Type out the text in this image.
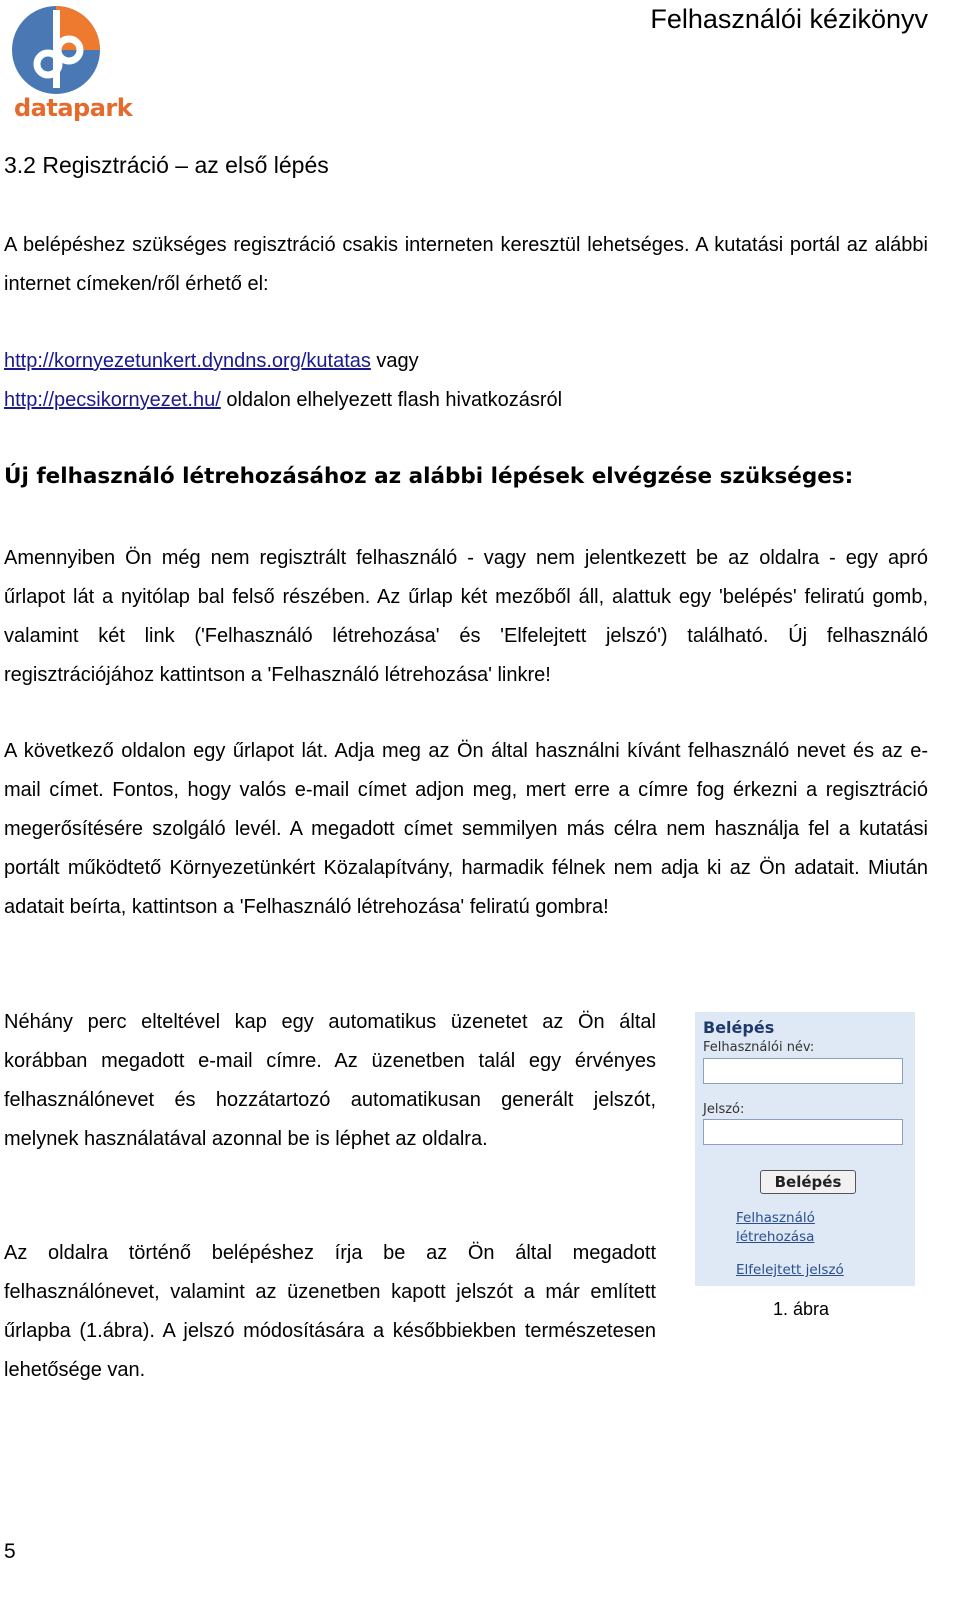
datapark
Felhasználói kézikönyv
3.2 Regisztráció – az első lépés

A belépéshez szükséges regisztráció csakis interneten keresztül lehetséges. A kutatási portál az alábbi internet címeken/ről érhető el:

http://kornyezetunkert.dyndns.org/kutatas vagy

http://pecsikornyezet.hu/ oldalon elhelyezett flash hivatkozásról

Új felhasználó létrehozásához az alábbi lépések elvégzése szükséges:

Amennyiben Ön még nem regisztrált felhasználó - vagy nem jelentkezett be az oldalra - egy apró űrlapot lát a nyitólap bal felső részében. Az űrlap két mezőből áll, alattuk egy 'belépés' feliratú gomb, valamint két link ('Felhasználó létrehozása' és 'Elfelejtett jelszó') található. Új felhasználó regisztrációjához kattintson a 'Felhasználó létrehozása' linkre!

A következő oldalon egy űrlapot lát. Adja meg az Ön által használni kívánt felhasználó nevet és az e-mail címet. Fontos, hogy valós e-mail címet adjon meg, mert erre a címre fog érkezni a regisztráció megerősítésére szolgáló levél. A megadott címet semmilyen más célra nem használja fel a kutatási portált működtető Környezetünkért Közalapítvány, harmadik félnek nem adja ki az Ön adatait. Miután adatait beírta, kattintson a 'Felhasználó létrehozása' feliratú gombra!

Néhány perc elteltével kap egy automatikus üzenetet az Ön által korábban megadott e-mail címre. Az üzenetben talál egy érvényes felhasználónevet és hozzátartozó automatikusan generált jelszót, melynek használatával azonnal be is léphet az oldalra.

Az oldalra történő belépéshez írja be az Ön által megadott felhasználónevet, valamint az üzenetben kapott jelszót a már említett űrlapba (1.ábra). A jelszó módosítására a későbbiekben természetesen lehetősége van.

Belépés
Felhasználói név:
Jelszó:
Belépés
Felhasználó
létrehozása
Elfelejtett jelszó
1. ábra
5
